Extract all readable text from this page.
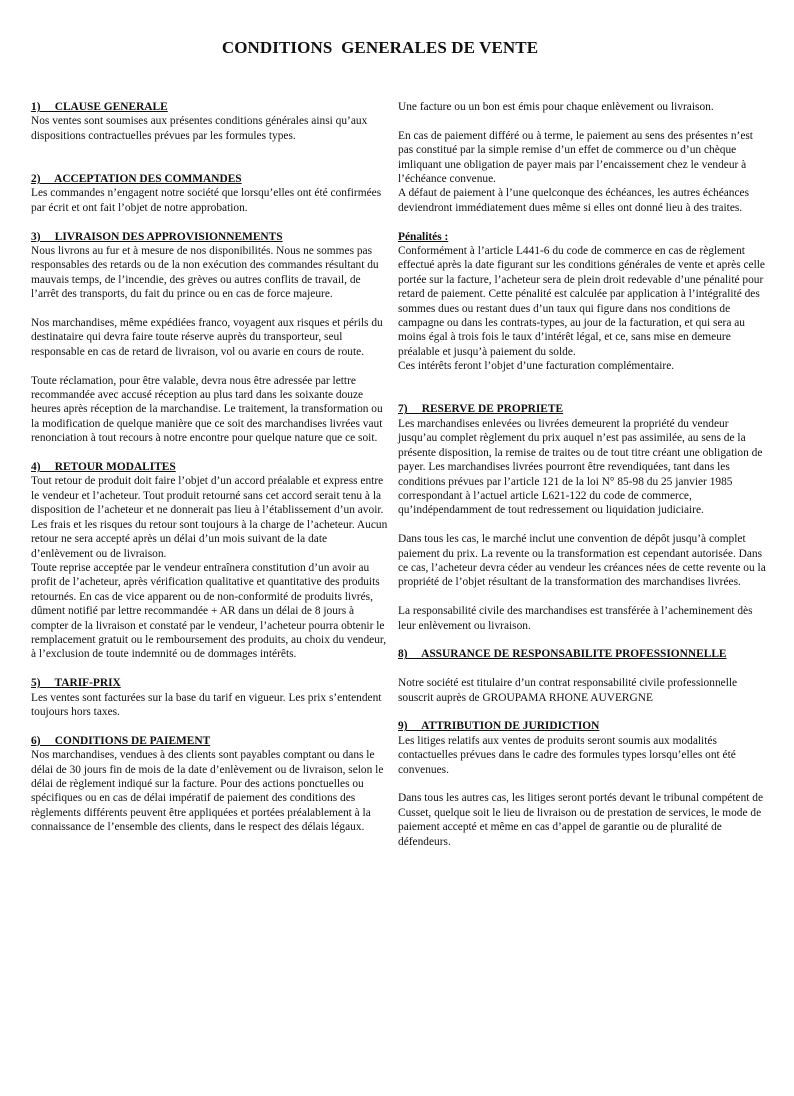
CONDITIONS  GENERALES DE VENTE
1)     CLAUSE GENERALE

Nos ventes sont soumises aux présentes conditions générales ainsi qu’aux dispositions contractuelles prévues par les formules types.

2)     ACCEPTATION DES COMMANDES

Les commandes n’engagent notre société que lorsqu’elles ont été confirmées par écrit et ont fait l’objet de notre approbation.

3)     LIVRAISON DES APPROVISIONNEMENTS

Nous livrons au fur et à mesure de nos disponibilités. Nous ne sommes pas responsables des retards ou de la non exécution des commandes résultant du mauvais temps, de l’incendie, des grèves ou autres conflits de travail, de l’arrêt des transports, du fait du prince ou en cas de force majeure.

Nos marchandises, même expédiées franco, voyagent aux risques et périls du destinataire qui devra faire toute réserve auprès du transporteur, seul responsable en cas de retard de livraison, vol ou avarie en cours de route.

Toute réclamation, pour être valable, devra nous être adressée par lettre recommandée avec accusé réception au plus tard dans les soixante douze heures après réception de la marchandise. Le traitement, la transformation ou la modification de quelque manière que ce soit des marchandises livrées vaut renonciation à tout recours à notre encontre pour quelque nature que ce soit.

4)     RETOUR MODALITES

Tout retour de produit doit faire l’objet d’un accord préalable et express entre le vendeur et l’acheteur. Tout produit retourné sans cet accord serait tenu à la disposition de l’acheteur et ne donnerait pas lieu à l’établissement d’un avoir. Les frais et les risques du retour sont toujours à la charge de l’acheteur. Aucun retour ne sera accepté après un délai d’un mois suivant de la date d’enlèvement ou de livraison.

Toute reprise acceptée par le vendeur entraînera constitution d’un avoir au profit de l’acheteur, après vérification qualitative et quantitative des produits retournés. En cas de vice apparent ou de non-conformité de produits livrés, dûment notifié par lettre recommandée + AR dans un délai de 8 jours à compter de la livraison et constaté par le vendeur, l’acheteur pourra obtenir le remplacement gratuit ou le remboursement des produits, au choix du vendeur, à l’exclusion de toute indemnité ou de dommages intérêts.

5)     TARIF-PRIX

Les ventes sont facturées sur la base du tarif en vigueur. Les prix s’entendent toujours hors taxes.

6)     CONDITIONS DE PAIEMENT

Nos marchandises, vendues à des clients sont payables comptant ou dans le délai de 30 jours fin de mois de la date d’enlèvement ou de livraison, selon le délai de règlement indiqué sur la facture. Pour des actions ponctuelles ou spécifiques ou en cas de délai impératif de paiement des conditions des règlements différents peuvent être appliquées et portées préalablement à la connaissance de l’ensemble des clients, dans le respect des délais légaux.

Une facture ou un bon est émis pour chaque enlèvement ou livraison.

En cas de paiement différé ou à terme, le paiement au sens des présentes n’est pas constitué par la simple remise d’un effet de commerce ou d’un chèque imliquant une obligation de payer mais par l’encaissement chez le vendeur à l’échéance convenue.

A défaut de paiement à l’une quelconque des échéances, les autres échéances deviendront immédiatement dues même si elles ont donné lieu à des traites.

Pénalités :

Conformément à l’article L441-6 du code de commerce en cas de règlement effectué après la date figurant sur les conditions générales de vente et après celle portée sur la facture, l’acheteur sera de plein droit redevable d’une pénalité pour retard de paiement. Cette pénalité est calculée par application à l’intégralité des sommes dues ou restant dues d’un taux qui figure dans nos conditions de campagne ou dans les contrats-types, au jour de la facturation, et qui sera au moins égal à trois fois le taux d’intérêt légal, et ce, sans mise en demeure préalable et jusqu’à paiement du solde.

Ces intérêts feront l’objet d’une facturation complémentaire.

7)     RESERVE DE PROPRIETE

Les marchandises enlevées ou livrées demeurent la propriété du vendeur jusqu’au complet règlement du prix auquel n’est pas assimilée, au sens de la présente disposition, la remise de traites ou de tout titre créant une obligation de payer. Les marchandises livrées pourront être revendiquées, tant dans les conditions prévues par l’article 121 de la loi N° 85-98 du 25 janvier 1985 correspondant à l’actuel article L621-122 du code de commerce, qu’indépendamment de tout redressement ou liquidation judiciaire.

Dans tous les cas, le marché inclut une convention de dépôt jusqu’à complet paiement du prix. La revente ou la transformation est cependant autorisée. Dans ce cas, l’acheteur devra céder au vendeur les créances nées de cette revente ou la propriété de l’objet résultant de la transformation des marchandises livrées.

La responsabilité civile des marchandises est transférée à l’acheminement dès leur enlèvement ou livraison.

8)     ASSURANCE DE RESPONSABILITE PROFESSIONNELLE

Notre société est titulaire d’un contrat responsabilité civile professionnelle souscrit auprès de GROUPAMA RHONE AUVERGNE

9)     ATTRIBUTION DE JURIDICTION

Les litiges relatifs aux ventes de produits seront soumis aux modalités contactuelles prévues dans le cadre des formules types lorsqu’elles ont été convenues.

Dans tous les autres cas, les litiges seront portés devant le tribunal compétent de Cusset, quelque soit le lieu de livraison ou de prestation de services, le mode de paiement accepté et même en cas d’appel de garantie ou de pluralité de défendeurs.
